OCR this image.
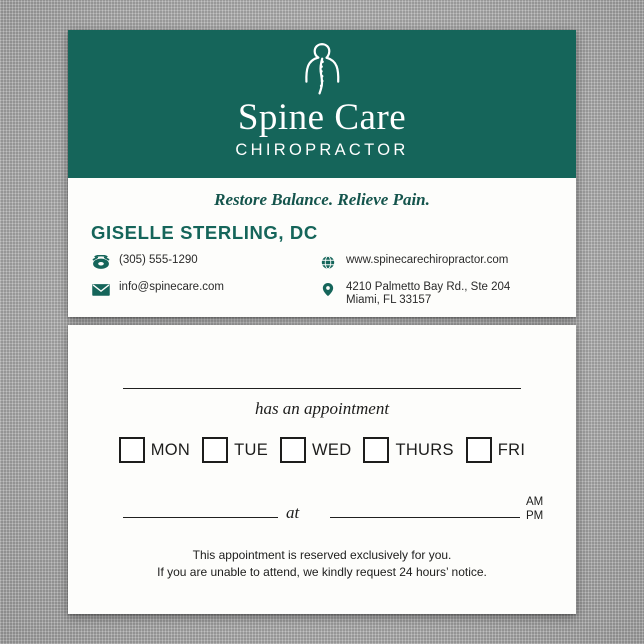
Spine Care
CHIROPRACTOR
Restore Balance. Relieve Pain.
GISELLE STERLING, DC
(305) 555-1290
info@spinecare.com
www.spinecarechiropractor.com
4210 Palmetto Bay Rd., Ste 204
Miami, FL 33157
has an appointment
MON	TUE	WED	THURS	FRI
at
AM
PM
This appointment is reserved exclusively for you.
If you are unable to attend, we kindly request 24 hours’ notice.
